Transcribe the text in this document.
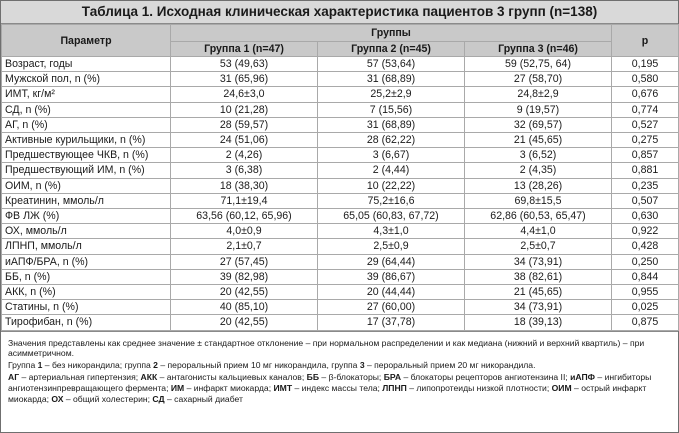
Таблица 1. Исходная клиническая характеристика пациентов 3 групп (n=138)
Параметр	Группы			p
	Группа 1 (n=47)	Группа 2 (n=45)	Группа 3 (n=46)	
Возраст, годы	53 (49,63)	57 (53,64)	59 (52,75, 64)	0,195
Мужской пол, n (%)	31 (65,96)	31 (68,89)	27 (58,70)	0,580
ИМТ, кг/м²	24,6±3,0	25,2±2,9	24,8±2,9	0,676
СД, n (%)	10 (21,28)	7 (15,56)	9 (19,57)	0,774
АГ, n (%)	28 (59,57)	31 (68,89)	32 (69,57)	0,527
Активные курильщики, n (%)	24 (51,06)	28 (62,22)	21 (45,65)	0,275
Предшествующее ЧКВ, n (%)	2 (4,26)	3 (6,67)	3 (6,52)	0,857
Предшествующий ИМ, n (%)	3 (6,38)	2 (4,44)	2 (4,35)	0,881
ОИМ, n (%)	18 (38,30)	10 (22,22)	13 (28,26)	0,235
Креатинин, ммоль/л	71,1±19,4	75,2±16,6	69,8±15,5	0,507
ФВ ЛЖ (%)	63,56 (60,12, 65,96)	65,05 (60,83, 67,72)	62,86 (60,53, 65,47)	0,630
ОХ, ммоль/л	4,0±0,9	4,3±1,0	4,4±1,0	0,922
ЛПНП, ммоль/л	2,1±0,7	2,5±0,9	2,5±0,7	0,428
иАПФ/БРА, n (%)	27 (57,45)	29 (64,44)	34 (73,91)	0,250
ББ, n (%)	39 (82,98)	39 (86,67)	38 (82,61)	0,844
АКК, n (%)	20 (42,55)	20 (44,44)	21 (45,65)	0,955
Статины, n (%)	40 (85,10)	27 (60,00)	34 (73,91)	0,025
Тирофибан, n (%)	20 (42,55)	17 (37,78)	18 (39,13)	0,875

Значения представлены как среднее значение ± стандартное отклонение – при нормальном распределении и как медиана (нижний и верхний квартиль) – при асимметричном.

Группа 1 – без никорандила; группа 2 – пероральный прием 10 мг никорандила, группа 3 – пероральный прием 20 мг никорандила.

АГ – артериальная гипертензия; АКК – антагонисты кальциевых каналов; ББ – β-блокаторы; БРА – блокаторы рецепторов ангиотензина II; иАПФ – ингибиторы ангиотензинпревращающего фермента; ИМ – инфаркт миокарда; ИМТ – индекс массы тела; ЛПНП – липопротеиды низкой плотности; ОИМ – острый инфаркт миокарда; ОХ – общий холестерин; СД – сахарный диабет
